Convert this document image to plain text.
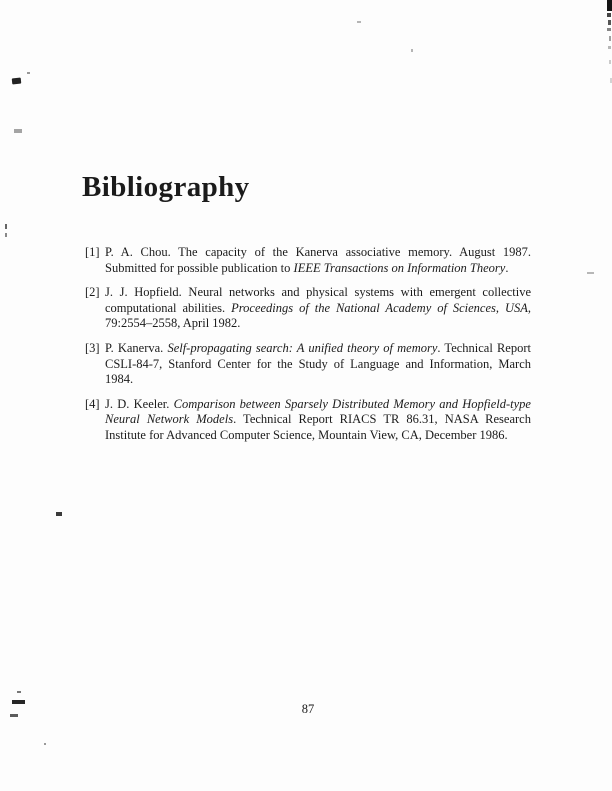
Bibliography
[1] P. A. Chou. The capacity of the Kanerva associative memory. August 1987. Submitted for possible publication to IEEE Transactions on Information Theory.
[2] J. J. Hopfield. Neural networks and physical systems with emergent collective computational abilities. Proceedings of the National Academy of Sciences, USA, 79:2554–2558, April 1982.
[3] P. Kanerva. Self-propagating search: A unified theory of memory. Technical Report CSLI-84-7, Stanford Center for the Study of Language and Information, March 1984.
[4] J. D. Keeler. Comparison between Sparsely Distributed Memory and Hopfield-type Neural Network Models. Technical Report RIACS TR 86.31, NASA Research Institute for Advanced Computer Science, Mountain View, CA, December 1986.
87
